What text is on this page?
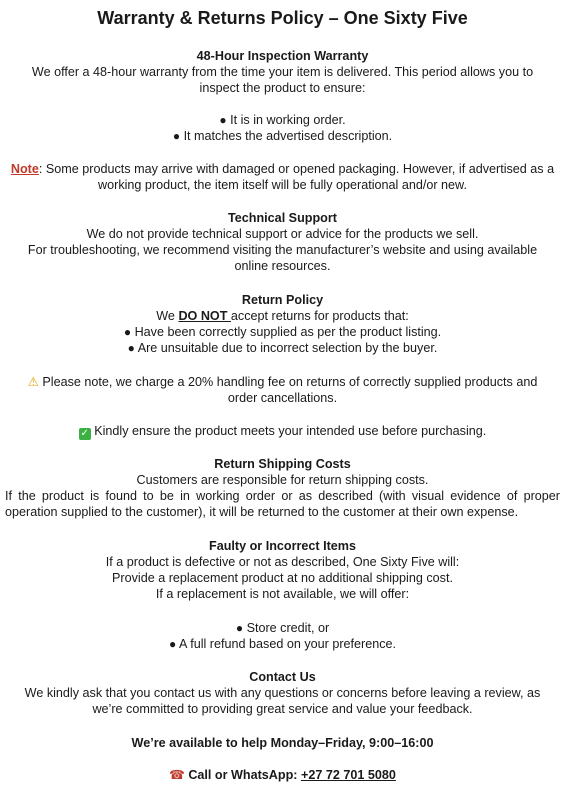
Warranty & Returns Policy – One Sixty Five
48-Hour Inspection Warranty
We offer a 48-hour warranty from the time your item is delivered. This period allows you to
inspect the product to ensure:
● It is in working order.
● It matches the advertised description.
Note: Some products may arrive with damaged or opened packaging. However, if advertised as a
working product, the item itself will be fully operational and/or new.
Technical Support
We do not provide technical support or advice for the products we sell.
For troubleshooting, we recommend visiting the manufacturer’s website and using available
online resources.
Return Policy
We DO NOT accept returns for products that:
● Have been correctly supplied as per the product listing.
● Are unsuitable due to incorrect selection by the buyer.
⚠ Please note, we charge a 20% handling fee on returns of correctly supplied products and
order cancellations.
✓ Kindly ensure the product meets your intended use before purchasing.
Return Shipping Costs
Customers are responsible for return shipping costs.
If the product is found to be in working order or as described (with visual evidence of proper operation supplied to the customer), it will be returned to the customer at their own expense.
Faulty or Incorrect Items
If a product is defective or not as described, One Sixty Five will:
Provide a replacement product at no additional shipping cost.
If a replacement is not available, we will offer:
● Store credit, or
● A full refund based on your preference.
Contact Us
We kindly ask that you contact us with any questions or concerns before leaving a review, as
we’re committed to providing great service and value your feedback.
We’re available to help Monday–Friday, 9:00–16:00
☎ Call or WhatsApp: +27 72 701 5080
